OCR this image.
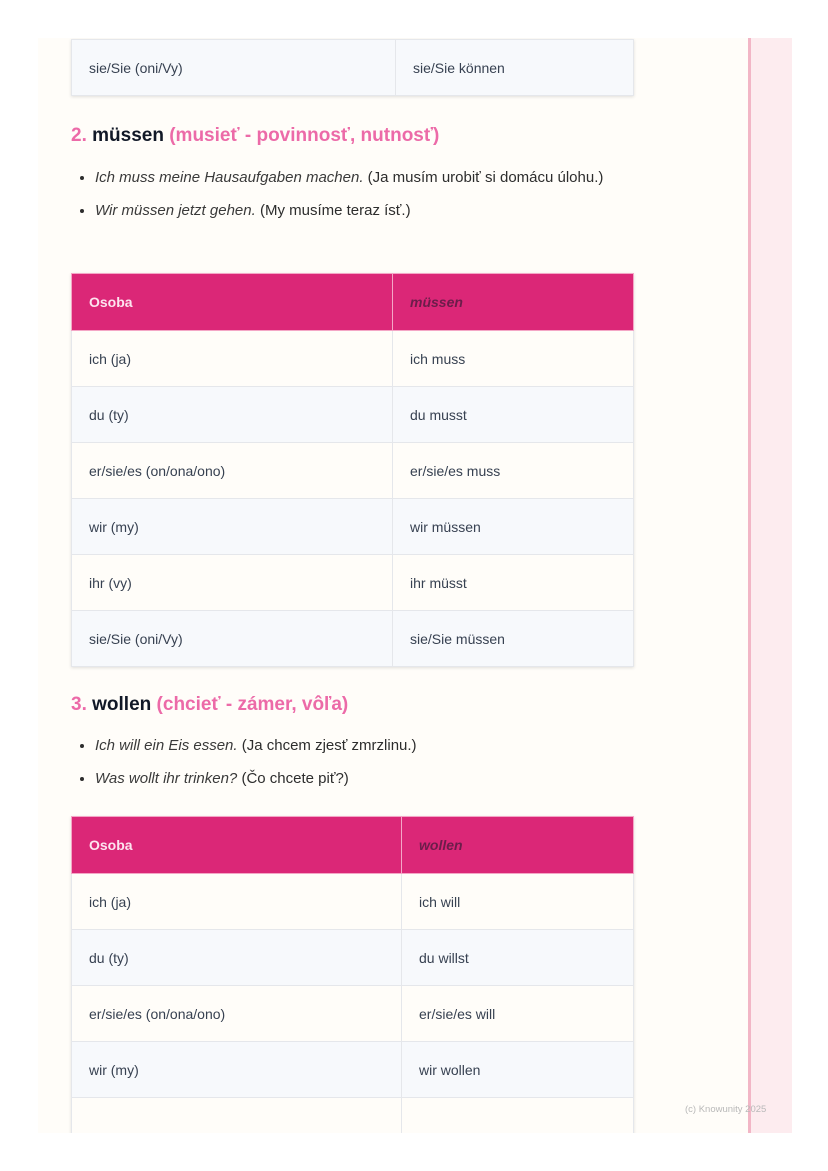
sie/Sie (oni/Vy)	sie/Sie können
2. müssen (musieť - povinnosť, nutnosť)
• Ich muss meine Hausaufgaben machen. (Ja musím urobiť si domácu úlohu.)
• Wir müssen jetzt gehen. (My musíme teraz ísť.)
Osoba	müssen
ich (ja)	ich muss
du (ty)	du musst
er/sie/es (on/ona/ono)	er/sie/es muss
wir (my)	wir müssen
ihr (vy)	ihr müsst
sie/Sie (oni/Vy)	sie/Sie müssen
3. wollen (chcieť - zámer, vôľa)
• Ich will ein Eis essen. (Ja chcem zjesť zmrzlinu.)
• Was wollt ihr trinken? (Čo chcete piť?)
Osoba	wollen
ich (ja)	ich will
du (ty)	du willst
er/sie/es (on/ona/ono)	er/sie/es will
wir (my)	wir wollen

(c) Knowunity 2025
